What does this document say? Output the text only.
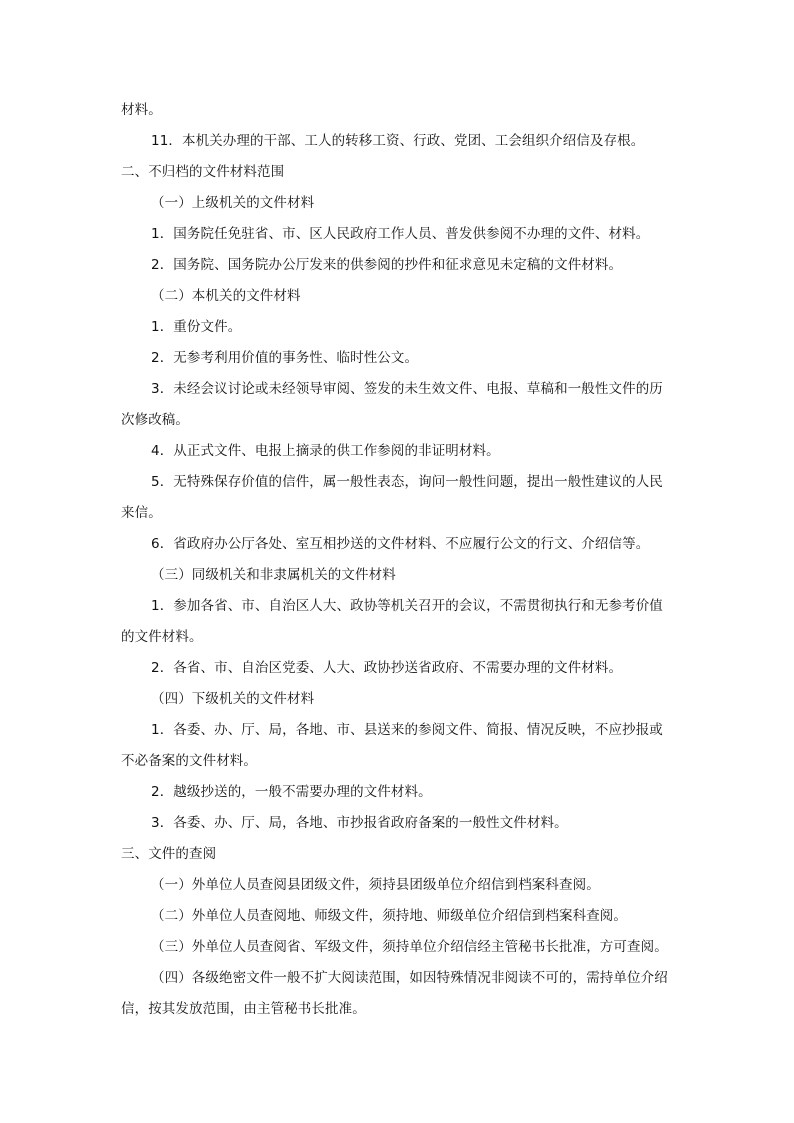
材料。
11．本机关办理的干部、工人的转移工资、行政、党团、工会组织介绍信及存根。
二、不归档的文件材料范围
（一）上级机关的文件材料
1．国务院任免驻省、市、区人民政府工作人员、普发供参阅不办理的文件、材料。
2．国务院、国务院办公厅发来的供参阅的抄件和征求意见未定稿的文件材料。
（二）本机关的文件材料
1．重份文件。
2．无参考利用价值的事务性、临时性公文。
3．未经会议讨论或未经领导审阅、签发的未生效文件、电报、草稿和一般性文件的历
次修改稿。
4．从正式文件、电报上摘录的供工作参阅的非证明材料。
5．无特殊保存价值的信件，属一般性表态，询问一般性问题，提出一般性建议的人民
来信。
6．省政府办公厅各处、室互相抄送的文件材料、不应履行公文的行文、介绍信等。
（三）同级机关和非隶属机关的文件材料
1．参加各省、市、自治区人大、政协等机关召开的会议，不需贯彻执行和无参考价值
的文件材料。
2．各省、市、自治区党委、人大、政协抄送省政府、不需要办理的文件材料。
（四）下级机关的文件材料
1．各委、办、厅、局，各地、市、县送来的参阅文件、简报、情况反映，不应抄报或
不必备案的文件材料。
2．越级抄送的，一般不需要办理的文件材料。
3．各委、办、厅、局，各地、市抄报省政府备案的一般性文件材料。
三、文件的查阅
（一）外单位人员查阅县团级文件，须持县团级单位介绍信到档案科查阅。
（二）外单位人员查阅地、师级文件，须持地、师级单位介绍信到档案科查阅。
（三）外单位人员查阅省、军级文件，须持单位介绍信经主管秘书长批准，方可查阅。
（四）各级绝密文件一般不扩大阅读范围，如因特殊情况非阅读不可的，需持单位介绍
信，按其发放范围，由主管秘书长批准。
